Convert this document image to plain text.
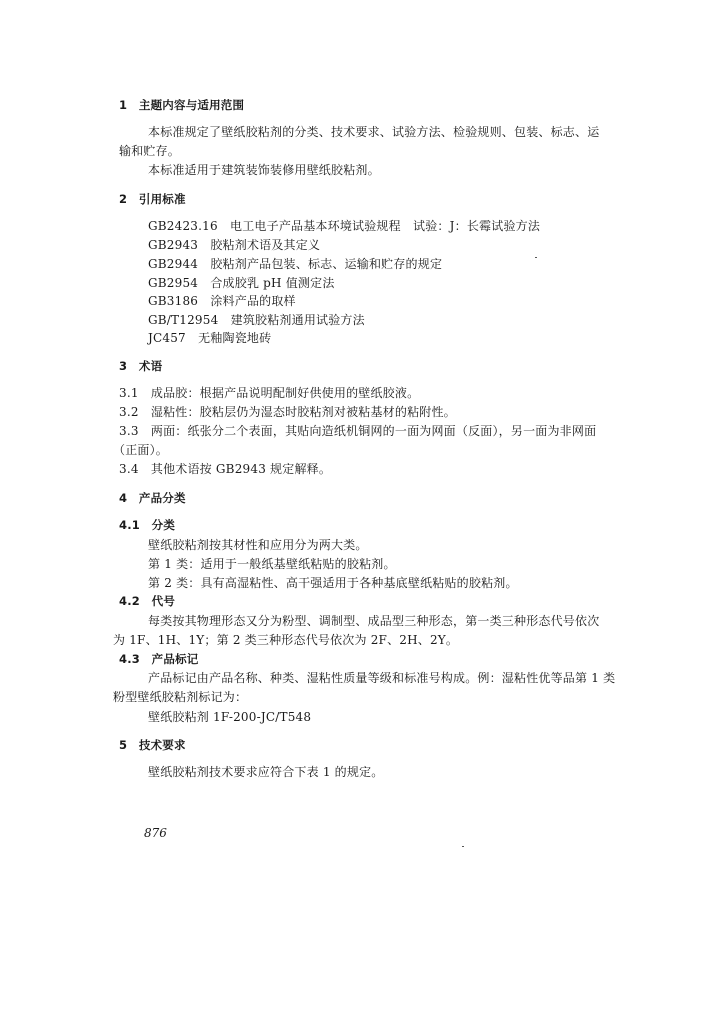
1　主题内容与适用范围
本标准规定了壁纸胶粘剂的分类、技术要求、试验方法、检验规则、包装、标志、运
输和贮存。
本标准适用于建筑装饰装修用壁纸胶粘剂。
2　引用标准
GB2423.16　电工电子产品基本环境试验规程　试验：J：长霉试验方法
GB2943　胶粘剂术语及其定义
GB2944　胶粘剂产品包装、标志、运输和贮存的规定
GB2954　合成胶乳 pH 值测定法
GB3186　涂料产品的取样
GB/T12954　建筑胶粘剂通用试验方法
JC457　无釉陶瓷地砖
3　术语
3.1　成品胶：根据产品说明配制好供使用的壁纸胶液。
3.2　湿粘性：胶粘层仍为湿态时胶粘剂对被粘基材的粘附性。
3.3　两面：纸张分二个表面，其贴向造纸机铜网的一面为网面（反面），另一面为非网面
（正面）。
3.4　其他术语按 GB2943 规定解释。
4　产品分类
4.1　分类
壁纸胶粘剂按其材性和应用分为两大类。
第 1 类：适用于一般纸基壁纸粘贴的胶粘剂。
第 2 类：具有高湿粘性、高干强适用于各种基底壁纸粘贴的胶粘剂。
4.2　代号
每类按其物理形态又分为粉型、调制型、成品型三种形态，第一类三种形态代号依次
为 1F、1H、1Y；第 2 类三种形态代号依次为 2F、2H、2Y。
4.3　产品标记
产品标记由产品名称、种类、湿粘性质量等级和标准号构成。例：湿粘性优等品第 1 类
粉型壁纸胶粘剂标记为：
壁纸胶粘剂 1F-200-JC/T548
5　技术要求
壁纸胶粘剂技术要求应符合下表 1 的规定。
876
